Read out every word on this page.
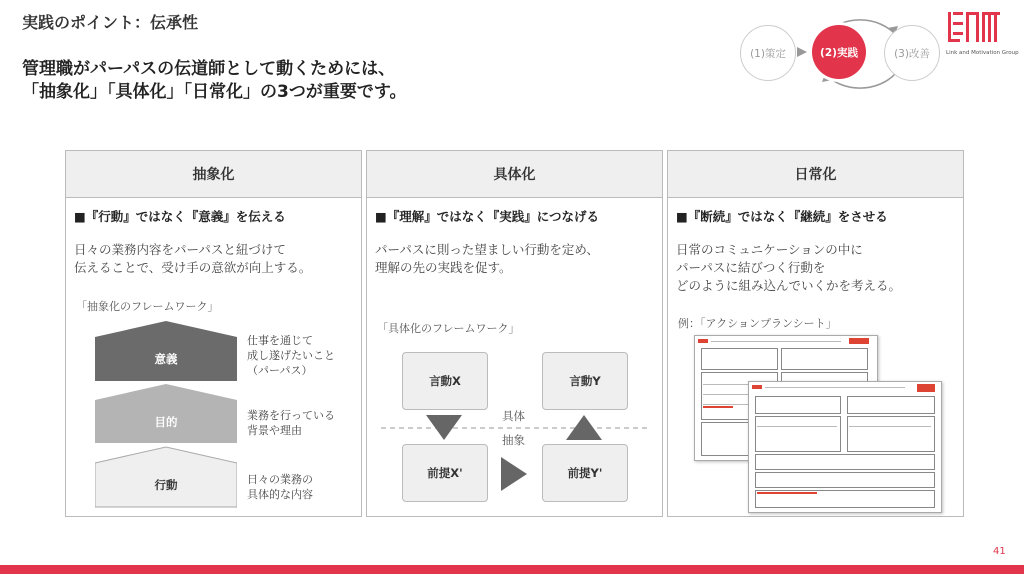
実践のポイント：伝承性
管理職がパーパスの伝道師として動くためには、
「抽象化」「具体化」「日常化」の3つが重要です。
(1)策定	(2)実践	(3)改善	Link and Motivation Group
抽象化
■『行動』ではなく『意義』を伝える
日々の業務内容をパーパスと紐づけて
伝えることで、受け手の意欲が向上する。
「抽象化のフレームワーク」
意義
目的
行動
仕事を通じて
成し遂げたいこと
（パーパス）
業務を行っている
背景や理由
日々の業務の
具体的な内容
具体化
■『理解』ではなく『実践』につなげる
パーパスに則った望ましい行動を定め、
理解の先の実践を促す。
「具体化のフレームワーク」
言動X	言動Y
前提X'	前提Y'
具体
抽象
日常化
■『断続』ではなく『継続』をさせる
日常のコミュニケーションの中に
パーパスに結びつく行動を
どのように組み込んでいくかを考える。
例：「アクションプランシート」
41
